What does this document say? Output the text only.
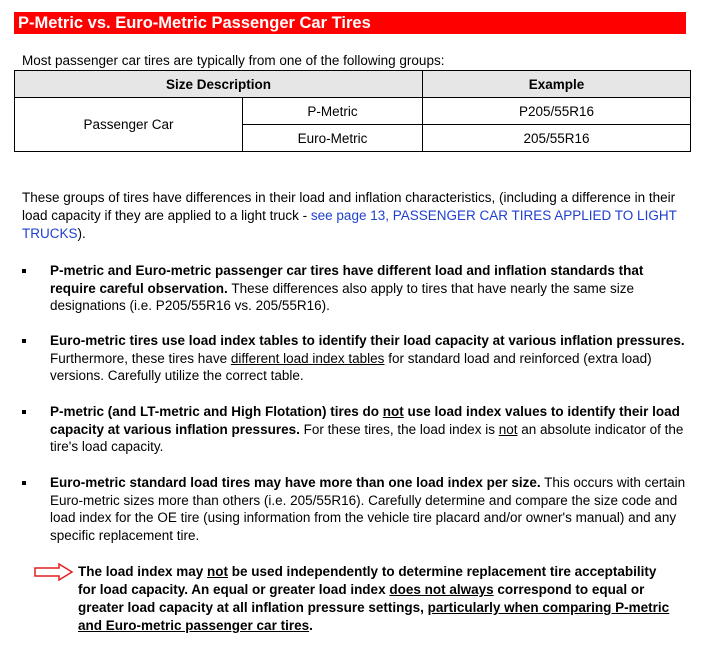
P-Metric vs. Euro-Metric Passenger Car Tires
Most passenger car tires are typically from one of the following groups:
Size Description		Example
Passenger Car	P-Metric	P205/55R16
	Euro-Metric	205/55R16
These groups of tires have differences in their load and inflation characteristics, (including a difference in their load capacity if they are applied to a light truck - see page 13, PASSENGER CAR TIRES APPLIED TO LIGHT TRUCKS).
P-metric and Euro-metric passenger car tires have different load and inflation standards that require careful observation. These differences also apply to tires that have nearly the same size designations (i.e. P205/55R16 vs. 205/55R16).
Euro-metric tires use load index tables to identify their load capacity at various inflation pressures. Furthermore, these tires have different load index tables for standard load and reinforced (extra load) versions. Carefully utilize the correct table.
P-metric (and LT-metric and High Flotation) tires do not use load index values to identify their load capacity at various inflation pressures. For these tires, the load index is not an absolute indicator of the tire's load capacity.
Euro-metric standard load tires may have more than one load index per size. This occurs with certain Euro-metric sizes more than others (i.e. 205/55R16). Carefully determine and compare the size code and load index for the OE tire (using information from the vehicle tire placard and/or owner's manual) and any specific replacement tire.
The load index may not be used independently to determine replacement tire acceptability for load capacity. An equal or greater load index does not always correspond to equal or greater load capacity at all inflation pressure settings, particularly when comparing P-metric and Euro-metric passenger car tires.
